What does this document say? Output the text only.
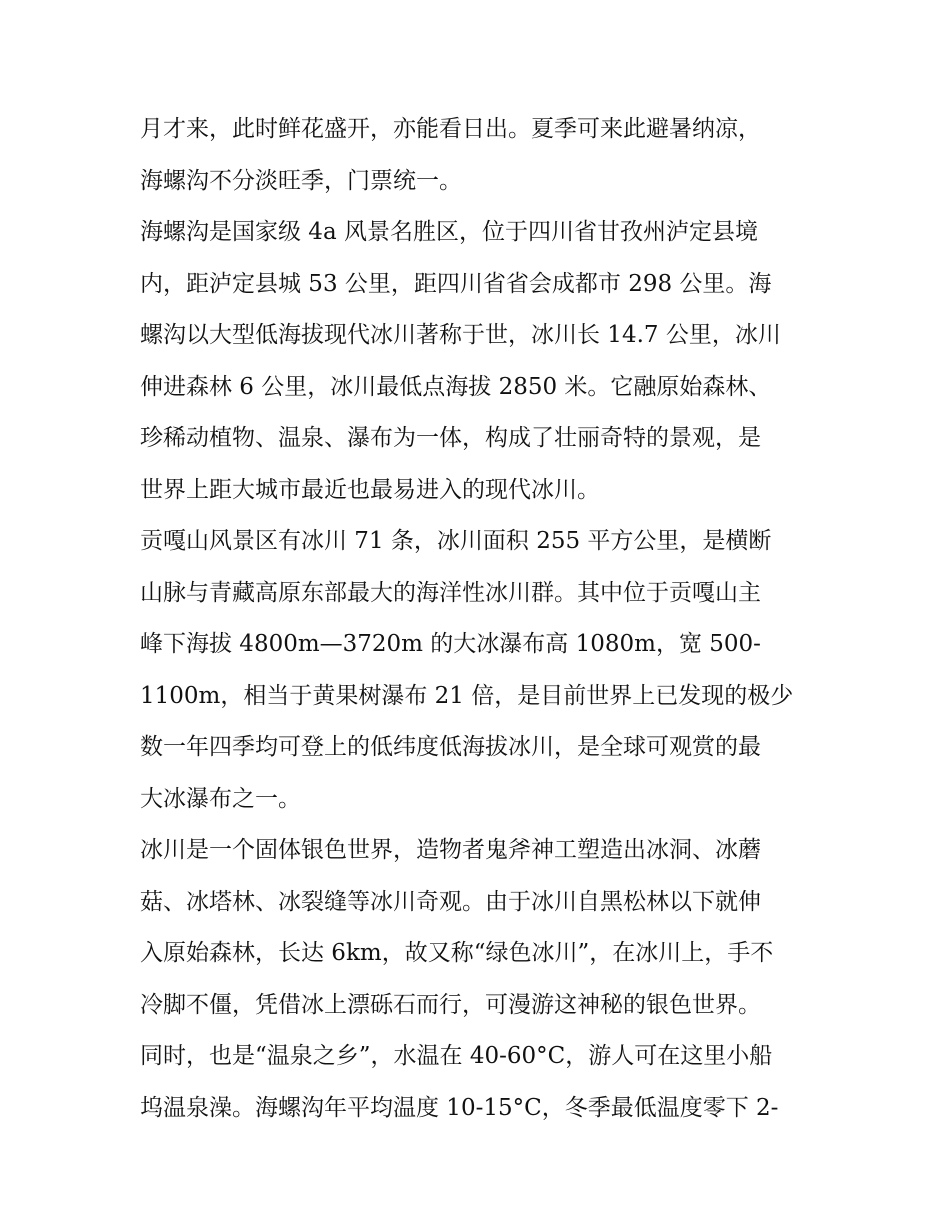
月才来，此时鲜花盛开，亦能看日出。夏季可来此避暑纳凉，
海螺沟不分淡旺季，门票统一。
海螺沟是国家级 4a 风景名胜区，位于四川省甘孜州泸定县境
内，距泸定县城 53 公里，距四川省省会成都市 298 公里。海
螺沟以大型低海拔现代冰川著称于世，冰川长 14.7 公里，冰川
伸进森林 6 公里，冰川最低点海拔 2850 米。它融原始森林、
珍稀动植物、温泉、瀑布为一体，构成了壮丽奇特的景观，是
世界上距大城市最近也最易进入的现代冰川。
贡嘎山风景区有冰川 71 条，冰川面积 255 平方公里，是横断
山脉与青藏高原东部最大的海洋性冰川群。其中位于贡嘎山主
峰下海拔 4800m—3720m 的大冰瀑布高 1080m，宽 500-
1100m，相当于黄果树瀑布 21 倍，是目前世界上已发现的极少
数一年四季均可登上的低纬度低海拔冰川，是全球可观赏的最
大冰瀑布之一。
冰川是一个固体银色世界，造物者鬼斧神工塑造出冰洞、冰蘑
菇、冰塔林、冰裂缝等冰川奇观。由于冰川自黑松林以下就伸
入原始森林，长达 6km，故又称“绿色冰川”，在冰川上，手不
冷脚不僵，凭借冰上漂砾石而行，可漫游这神秘的银色世界。
同时，也是“温泉之乡”，水温在 40-60°C，游人可在这里小船
坞温泉澡。海螺沟年平均温度 10-15°C，冬季最低温度零下 2-
